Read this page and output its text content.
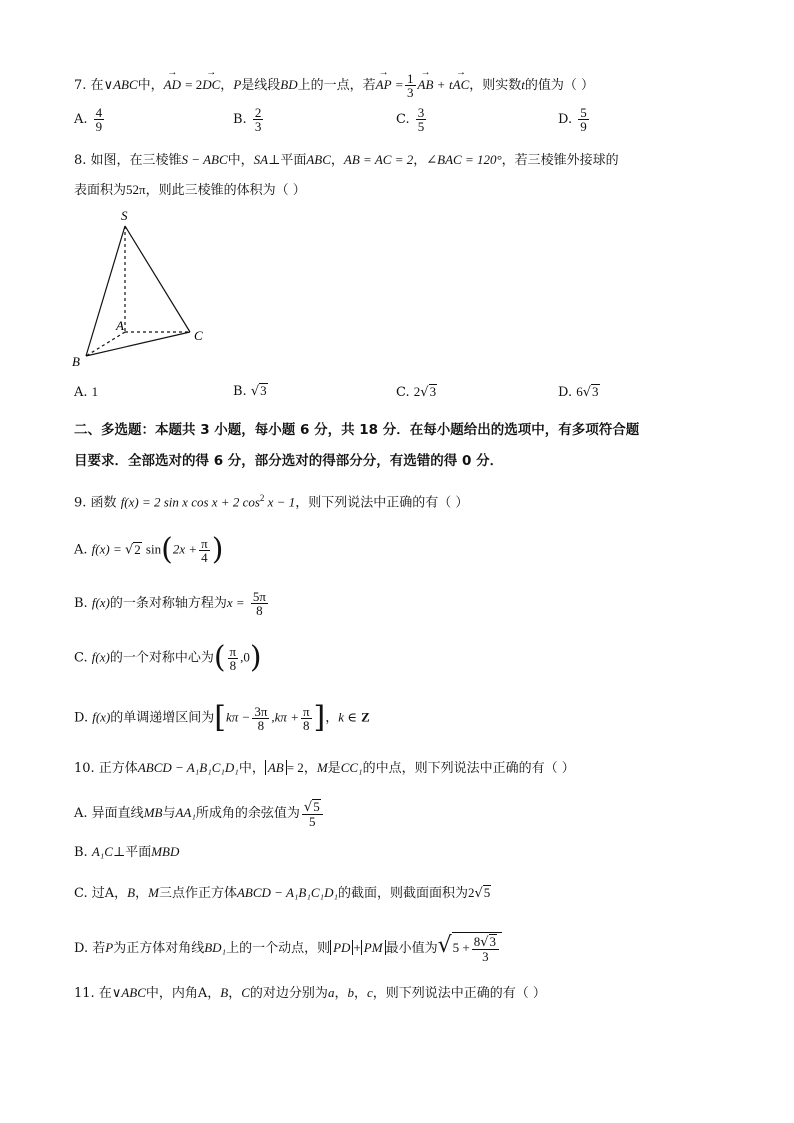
7. 在∨ABC中，→ AD = 2→ DC，P是线段BD上的一点，若→ AP = $\frac{1}{3}$
→ AB + t→ AC，则实数t的值为（ ）
A. $\frac{4}{9}$	B. $\frac{2}{3}$	C. $\frac{3}{5}$	D. $\frac{5}{9}$
8. 如图，在三棱锥S − ABC中，SA⊥平面ABC，AB = AC = 2，∠BAC = 120°，若三棱锥外接球的
表面积为52π，则此三棱锥的体积为（ ）
S
A
B
C
A. 1	B. √3	C. 2√3	D. 6√3
二、多选题：本题共 3 小题，每小题 6 分，共 18 分．在每小题给出的选项中，有多项符合题
目要求．全部选对的得 6 分，部分选对的得部分分，有选错的得 0 分．
9. 函数 f(x) = 2 sin x cos x + 2 $\cos^2 x - 1$，则下列说法中正确的有（ ）
A. f(x) = √2 $\sin(2x + \frac{\pi}{4}$ )
B. f(x)的一条对称轴方程为$x = \frac{5\pi}{8}$
C. f(x)的一个对称中心为( $\frac{\pi}{8} ,0$)
D. f(x)的单调递增区间为[$k\pi - \frac{3\pi}{8} ,k\pi + \frac{\pi}{8}$ ]，k ∈ Z
10. 正方体ABCD − A₁B₁C₁D₁中， AB = 2，M是CC₁的中点，则下列说法中正确的有（ ）
A. 异面直线MB与AA₁所成角的余弦值为 $\frac{√5}{5}$
B. A₁C⊥平面MBD
C. 过A，B，M三点作正方体ABCD − A₁B₁C₁D₁的截面，则截面面积为2√5
D. 若P为正方体对角线BD₁上的一个动点，则 PD + PM 最小值为$√5 + \frac{8√3}{3}$
11. 在∨ABC中，内角A，B，C的对边分别为a，b，c，则下列说法中正确的有（ ）
